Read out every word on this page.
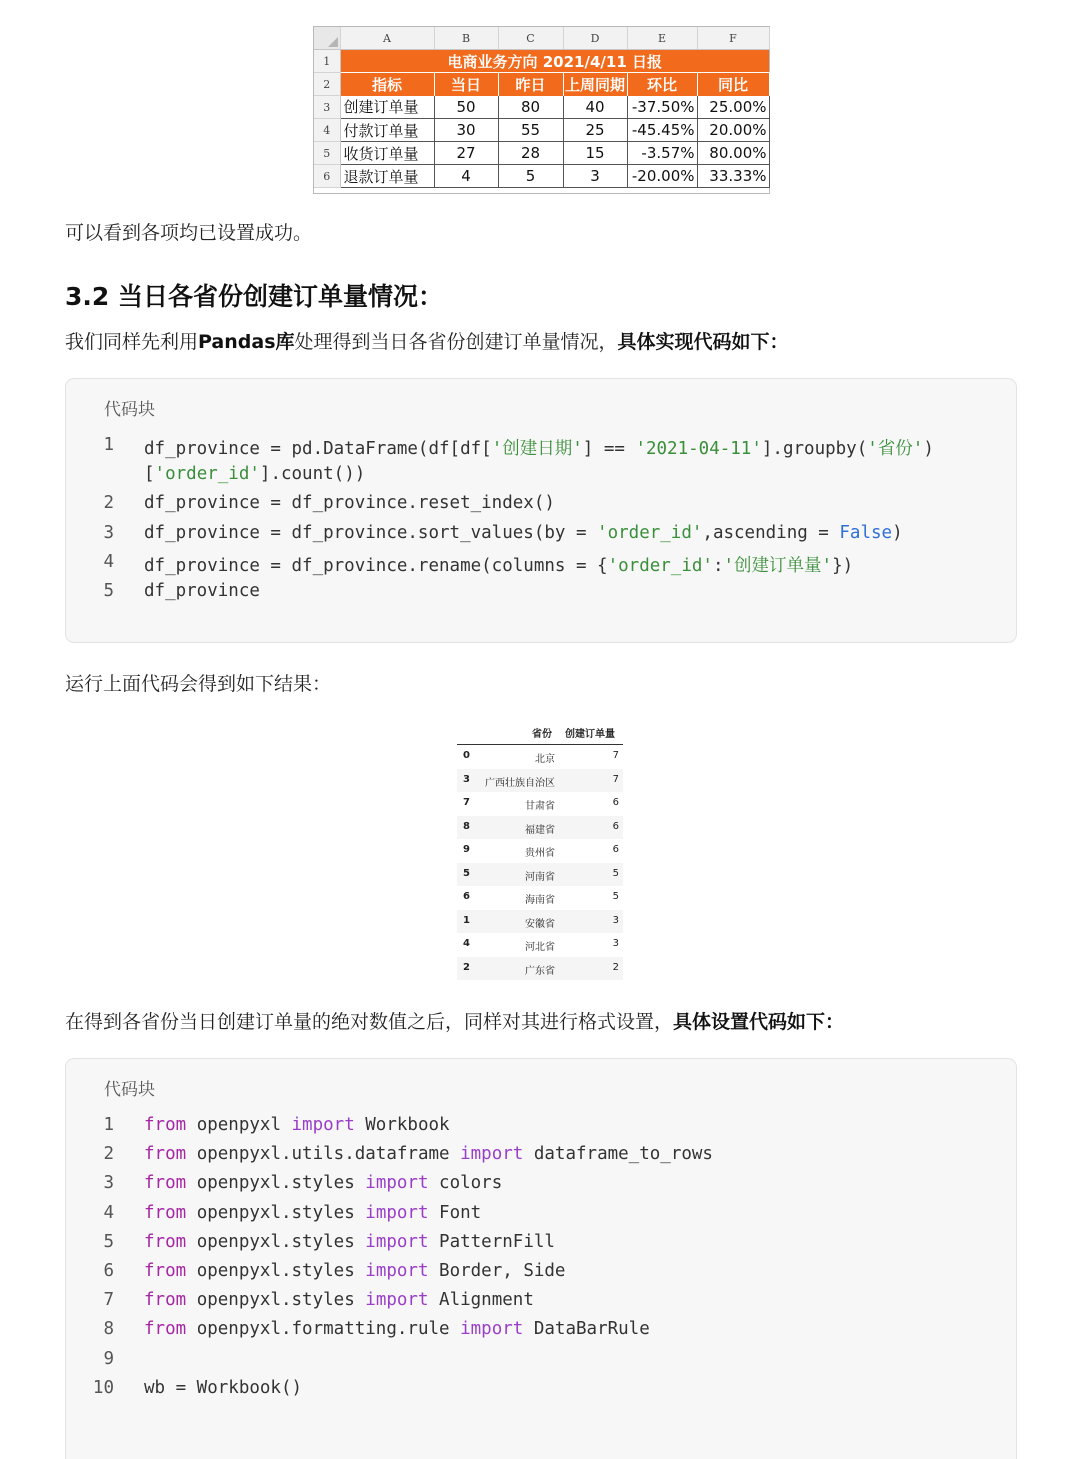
	A	B	C	D	E	F
1	电商业务方向 2021/4/11 日报					
2	指标	当日	昨日	上周同期	环比	同比
3	创建订单量	50	80	40	-37.50%	25.00%
4	付款订单量	30	55	25	-45.45%	20.00%
5	收货订单量	27	28	15	-3.57%	80.00%
6	退款订单量	4	5	3	-20.00%	33.33%
可以看到各项均已设置成功。
3.2 当日各省份创建订单量情况：
我们同样先利用Pandas库处理得到当日各省份创建订单量情况，具体实现代码如下：
代码块
1 df_province = pd.DataFrame(df[df['创建日期'] == '2021-04-11'].groupby('省份')
['order_id'].count())
2 df_province = df_province.reset_index()
3 df_province = df_province.sort_values(by = 'order_id',ascending = False)
4 df_province = df_province.rename(columns = {'order_id':'创建订单量'})
5 df_province
运行上面代码会得到如下结果：
省份 创建订单量
0	北京	7
3 广西壮族自治区	7
7	甘肃省	6
8	福建省	6
9	贵州省	6
5	河南省	5
6	海南省	5
1	安徽省	3
4	河北省	3
2	广东省	2
在得到各省份当日创建订单量的绝对数值之后，同样对其进行格式设置，具体设置代码如下：
代码块
1 from openpyxl import Workbook
2 from openpyxl.utils.dataframe import dataframe_to_rows
3 from openpyxl.styles import colors
4 from openpyxl.styles import Font
5 from openpyxl.styles import PatternFill
6 from openpyxl.styles import Border, Side
7 from openpyxl.styles import Alignment
8 from openpyxl.formatting.rule import DataBarRule
9
10 wb = Workbook()
